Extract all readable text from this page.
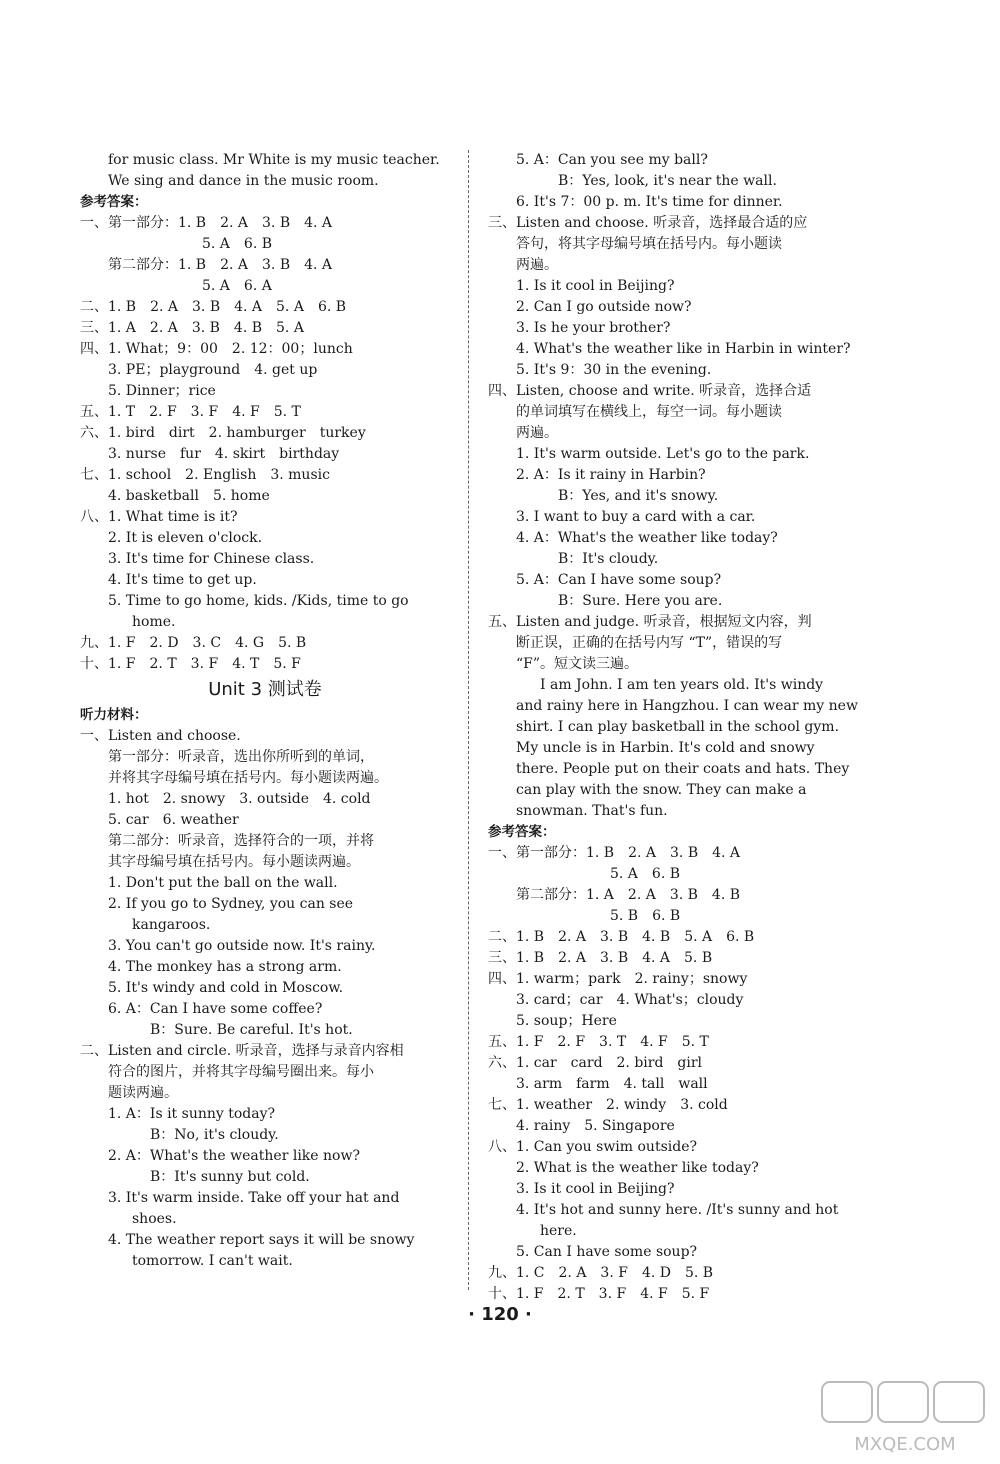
for music class. Mr White is my music teacher.
We sing and dance in the music room.
参考答案：
一、第一部分：1. B　2. A　3. B　4. A
5. A　6. B
第二部分：1. B　2. A　3. B　4. A
5. A　6. A
二、1. B　2. A　3. B　4. A　5. A　6. B
三、1. A　2. A　3. B　4. B　5. A
四、1. What；9：00　2. 12：00；lunch
3. PE；playground　4. get up
5. Dinner；rice
五、1. T　2. F　3. F　4. F　5. T
六、1. bird　dirt　2. hamburger　turkey
3. nurse　fur　4. skirt　birthday
七、1. school　2. English　3. music
4. basketball　5. home
八、1. What time is it?
2. It is eleven o'clock.
3. It's time for Chinese class.
4. It's time to get up.
5. Time to go home, kids. /Kids, time to go
home.
九、1. F　2. D　3. C　4. G　5. B
十、1. F　2. T　3. F　4. T　5. F
Unit 3 测试卷
听力材料：
一、Listen and choose.
第一部分：听录音，选出你所听到的单词，
并将其字母编号填在括号内。每小题读两遍。
1. hot　2. snowy　3. outside　4. cold
5. car　6. weather
第二部分：听录音，选择符合的一项，并将
其字母编号填在括号内。每小题读两遍。
1. Don't put the ball on the wall.
2. If you go to Sydney, you can see
kangaroos.
3. You can't go outside now. It's rainy.
4. The monkey has a strong arm.
5. It's windy and cold in Moscow.
6. A：Can I have some coffee?
B：Sure. Be careful. It's hot.
二、Listen and circle. 听录音，选择与录音内容相
符合的图片，并将其字母编号圈出来。每小
题读两遍。
1. A：Is it sunny today?
B：No, it's cloudy.
2. A：What's the weather like now?
B：It's sunny but cold.
3. It's warm inside. Take off your hat and
shoes.
4. The weather report says it will be snowy
tomorrow. I can't wait.
5. A：Can you see my ball?
B：Yes, look, it's near the wall.
6. It's 7：00 p. m. It's time for dinner.
三、Listen and choose. 听录音，选择最合适的应
答句，将其字母编号填在括号内。每小题读
两遍。
1. Is it cool in Beijing?
2. Can I go outside now?
3. Is he your brother?
4. What's the weather like in Harbin in winter?
5. It's 9：30 in the evening.
四、Listen, choose and write. 听录音，选择合适
的单词填写在横线上，每空一词。每小题读
两遍。
1. It's warm outside. Let's go to the park.
2. A：Is it rainy in Harbin?
B：Yes, and it's snowy.
3. I want to buy a card with a car.
4. A：What's the weather like today?
B：It's cloudy.
5. A：Can I have some soup?
B：Sure. Here you are.
五、Listen and judge. 听录音，根据短文内容，判
断正误，正确的在括号内写 “T”，错误的写
“F”。短文读三遍。
I am John. I am ten years old. It's windy
and rainy here in Hangzhou. I can wear my new
shirt. I can play basketball in the school gym.
My uncle is in Harbin. It's cold and snowy
there. People put on their coats and hats. They
can play with the snow. They can make a
snowman. That's fun.
参考答案：
一、第一部分：1. B　2. A　3. B　4. A
5. A　6. B
第二部分：1. A　2. A　3. B　4. B
5. B　6. B
二、1. B　2. A　3. B　4. B　5. A　6. B
三、1. B　2. A　3. B　4. A　5. B
四、1. warm；park　2. rainy；snowy
3. card；car　4. What's；cloudy
5. soup；Here
五、1. F　2. F　3. T　4. F　5. T
六、1. car　card　2. bird　girl
3. arm　farm　4. tall　wall
七、1. weather　2. windy　3. cold
4. rainy　5. Singapore
八、1. Can you swim outside?
2. What is the weather like today?
3. Is it cool in Beijing?
4. It's hot and sunny here. /It's sunny and hot
here.
5. Can I have some soup?
九、1. C　2. A　3. F　4. D　5. B
十、1. F　2. T　3. F　4. F　5. F
· 120 ·
MXQE.COM
